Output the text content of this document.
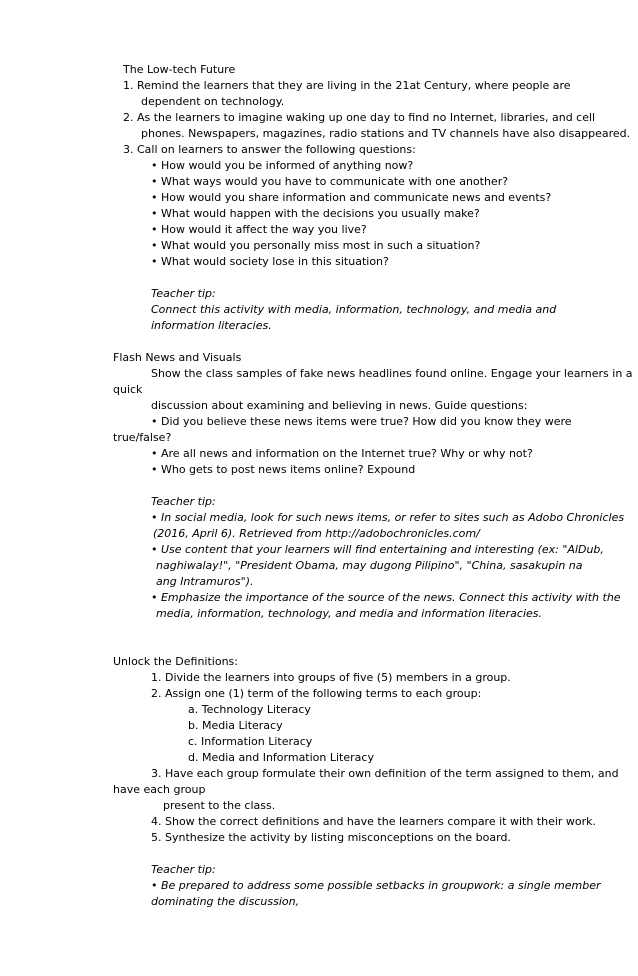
The Low-tech Future
1. Remind the learners that they are living in the 21at Century, where people are
dependent on technology.
2. As the learners to imagine waking up one day to find no Internet, libraries, and cell
phones. Newspapers, magazines, radio stations and TV channels have also disappeared.
3. Call on learners to answer the following questions:
• How would you be informed of anything now?
• What ways would you have to communicate with one another?
• How would you share information and communicate news and events?
• What would happen with the decisions you usually make?
• How would it affect the way you live?
• What would you personally miss most in such a situation?
• What would society lose in this situation?
Teacher tip:
Connect this activity with media, information, technology, and media and
information literacies.
Flash News and Visuals
Show the class samples of fake news headlines found online. Engage your learners in a
quick
discussion about examining and believing in news. Guide questions:
• Did you believe these news items were true? How did you know they were
true/false?
• Are all news and information on the Internet true? Why or why not?
• Who gets to post news items online? Expound
Teacher tip:
• In social media, look for such news items, or refer to sites such as Adobo Chronicles
(2016, April 6). Retrieved from http://adobochronicles.com/
• Use content that your learners will find entertaining and interesting (ex: "AlDub,
naghiwalay!", "President Obama, may dugong Pilipino", "China, sasakupin na
ang Intramuros").
• Emphasize the importance of the source of the news. Connect this activity with the
media, information, technology, and media and information literacies.
Unlock the Definitions:
1. Divide the learners into groups of five (5) members in a group.
2. Assign one (1) term of the following terms to each group:
a. Technology Literacy
b. Media Literacy
c. Information Literacy
d. Media and Information Literacy
3. Have each group formulate their own definition of the term assigned to them, and
have each group
present to the class.
4. Show the correct definitions and have the learners compare it with their work.
5. Synthesize the activity by listing misconceptions on the board.
Teacher tip:
• Be prepared to address some possible setbacks in groupwork: a single member
dominating the discussion,
